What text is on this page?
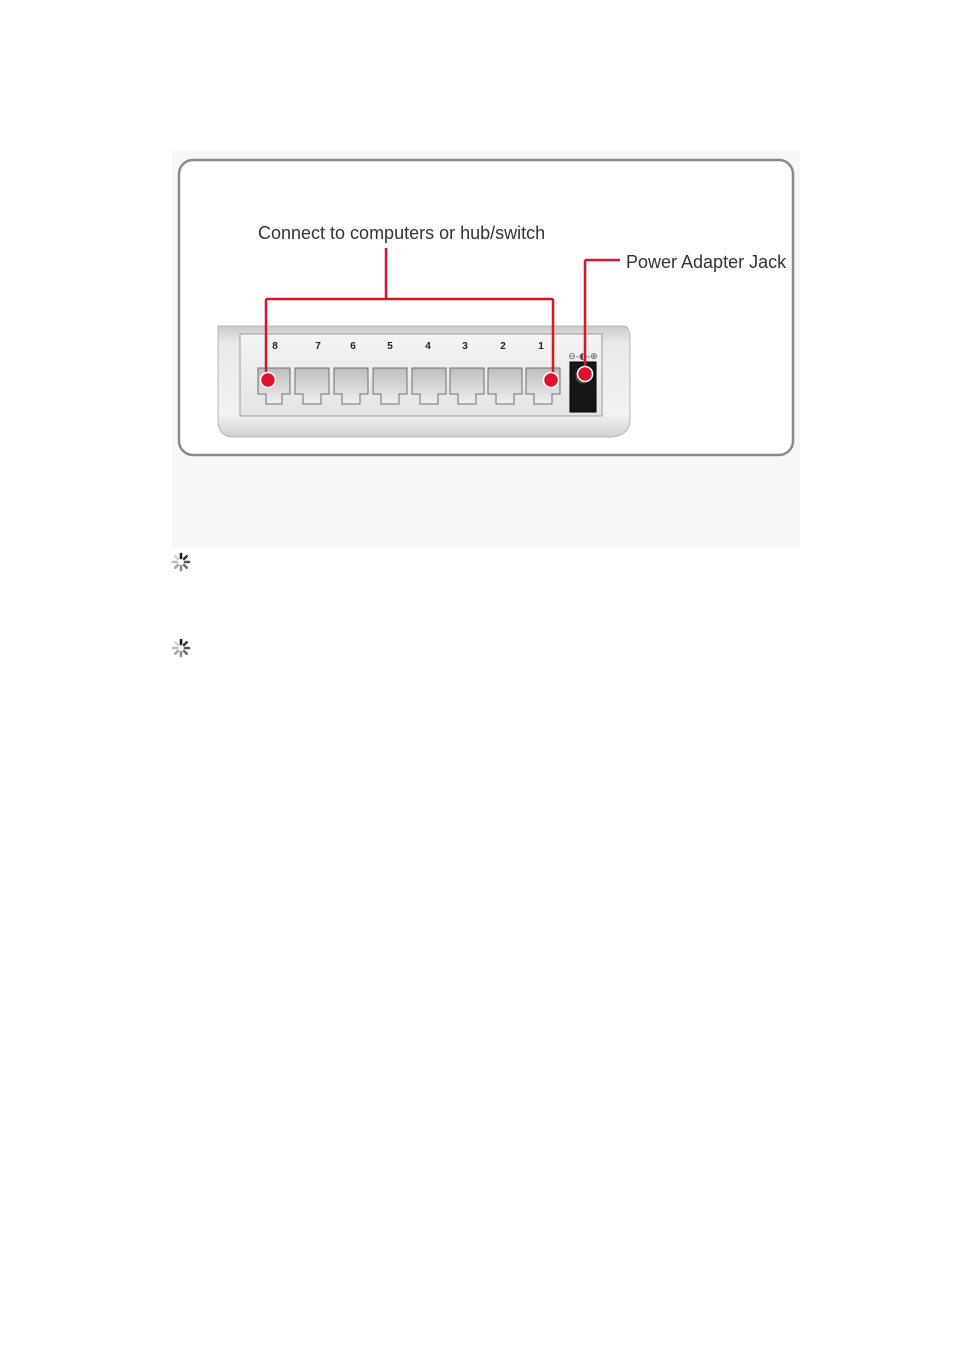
8	7	6	5	4	3	2	1
⊖-◐-⊕
Connect to computers or hub/switch
Power Adapter Jack
